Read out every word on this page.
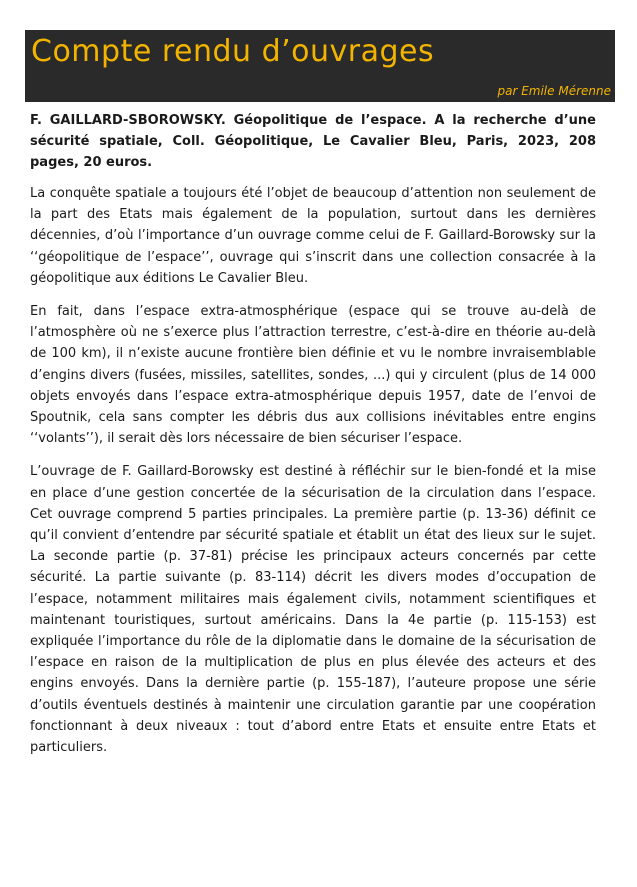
Compte rendu d’ouvrages
par Emile Mérenne

F. GAILLARD-SBOROWSKY. Géopolitique de l’espace. A la recherche d’une sécurité spatiale, Coll. Géopolitique, Le Cavalier Bleu, Paris, 2023, 208 pages, 20 euros.

La conquête spatiale a toujours été l’objet de beaucoup d’attention non seulement de la part des Etats mais également de la population, surtout dans les dernières décennies, d’où l’importance d’un ouvrage comme celui de F. Gaillard-Borowsky sur la ‘‘géopolitique de l’espace’’, ouvrage qui s’inscrit dans une collection consacrée à la géopolitique aux éditions Le Cavalier Bleu.

En fait, dans l’espace extra-atmosphérique (espace qui se trouve au-delà de l’atmosphère où ne s’exerce plus l’attraction terrestre, c’est-à-dire en théorie au-delà de 100 km), il n’existe aucune frontière bien définie et vu le nombre invraisemblable d’engins divers (fusées, missiles, satellites, sondes, ...) qui y circulent (plus de 14 000 objets envoyés dans l’espace extra-atmosphérique depuis 1957, date de l’envoi de Spoutnik, cela sans compter les débris dus aux collisions inévitables entre engins ‘‘volants’’), il serait dès lors nécessaire de bien sécuriser l’espace.

L’ouvrage de F. Gaillard-Borowsky est destiné à réfléchir sur le bien-fondé et la mise en place d’une gestion concertée de la sécurisation de la circulation dans l’espace. Cet ouvrage comprend 5 parties principales. La première partie (p. 13-36) définit ce qu’il convient d’entendre par sécurité spatiale et établit un état des lieux sur le sujet. La seconde partie (p. 37-81) précise les principaux acteurs concernés par cette sécurité. La partie suivante (p. 83-114) décrit les divers modes d’occupation de l’espace, notamment militaires mais également civils, notamment scientifiques et maintenant touristiques, surtout américains. Dans la 4e partie (p. 115-153) est expliquée l’importance du rôle de la diplomatie dans le domaine de la sécurisation de l’espace en raison de la multiplication de plus en plus élevée des acteurs et des engins envoyés. Dans la dernière partie (p. 155-187), l’auteure propose une série d’outils éventuels destinés à maintenir une circulation garantie par une coopération fonctionnant à deux niveaux : tout d’abord entre Etats et ensuite entre Etats et particuliers.
